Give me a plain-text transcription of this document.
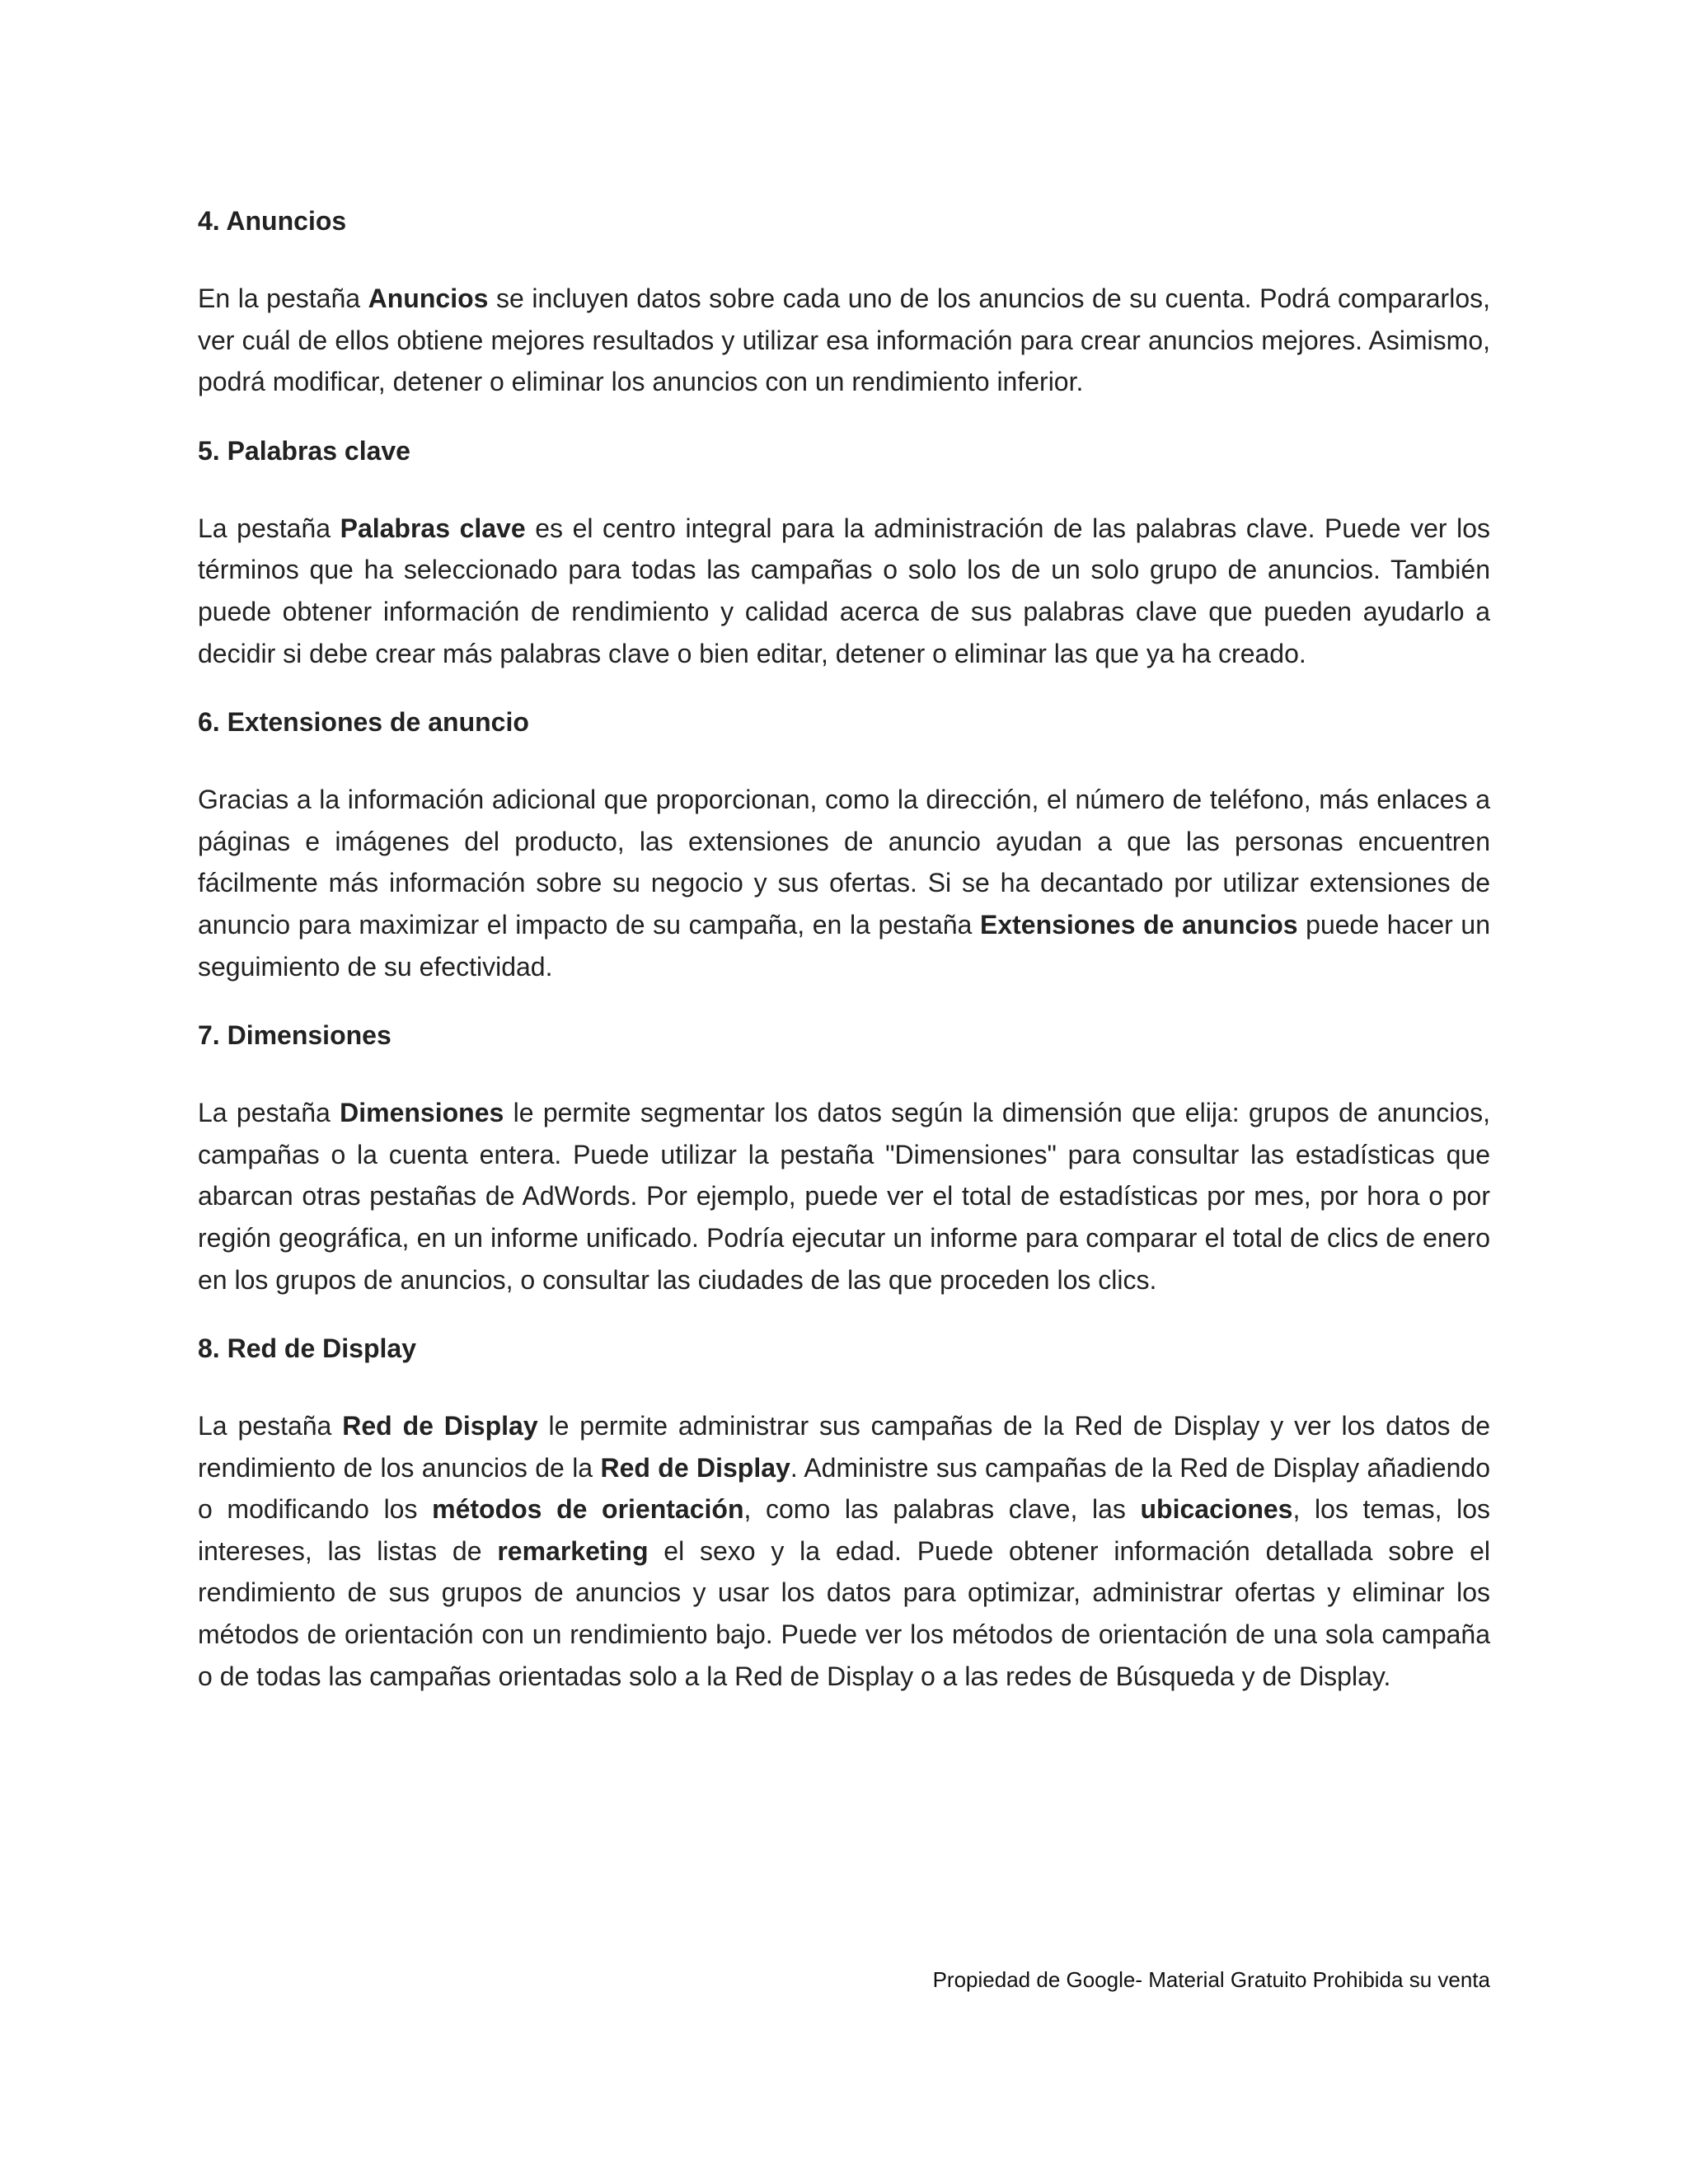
4. Anuncios
En la pestaña Anuncios se incluyen datos sobre cada uno de los anuncios de su cuenta. Podrá compararlos, ver cuál de ellos obtiene mejores resultados y utilizar esa información para crear anuncios mejores. Asimismo, podrá modificar, detener o eliminar los anuncios con un rendimiento inferior.
5. Palabras clave
La pestaña Palabras clave es el centro integral para la administración de las palabras clave. Puede ver los términos que ha seleccionado para todas las campañas o solo los de un solo grupo de anuncios. También puede obtener información de rendimiento y calidad acerca de sus palabras clave que pueden ayudarlo a decidir si debe crear más palabras clave o bien editar, detener o eliminar las que ya ha creado.
6. Extensiones de anuncio
Gracias a la información adicional que proporcionan, como la dirección, el número de teléfono, más enlaces a páginas e imágenes del producto, las extensiones de anuncio ayudan a que las personas encuentren fácilmente más información sobre su negocio y sus ofertas. Si se ha decantado por utilizar extensiones de anuncio para maximizar el impacto de su campaña, en la pestaña Extensiones de anuncios puede hacer un seguimiento de su efectividad.
7. Dimensiones
La pestaña Dimensiones le permite segmentar los datos según la dimensión que elija: grupos de anuncios, campañas o la cuenta entera. Puede utilizar la pestaña "Dimensiones" para consultar las estadísticas que abarcan otras pestañas de AdWords. Por ejemplo, puede ver el total de estadísticas por mes, por hora o por región geográfica, en un informe unificado. Podría ejecutar un informe para comparar el total de clics de enero en los grupos de anuncios, o consultar las ciudades de las que proceden los clics.
8. Red de Display
La pestaña Red de Display le permite administrar sus campañas de la Red de Display y ver los datos de rendimiento de los anuncios de la Red de Display. Administre sus campañas de la Red de Display añadiendo o modificando los métodos de orientación, como las palabras clave, las ubicaciones, los temas, los intereses, las listas de remarketing el sexo y la edad. Puede obtener información detallada sobre el rendimiento de sus grupos de anuncios y usar los datos para optimizar, administrar ofertas y eliminar los métodos de orientación con un rendimiento bajo. Puede ver los métodos de orientación de una sola campaña o de todas las campañas orientadas solo a la Red de Display o a las redes de Búsqueda y de Display.
Propiedad de Google- Material Gratuito Prohibida su venta
